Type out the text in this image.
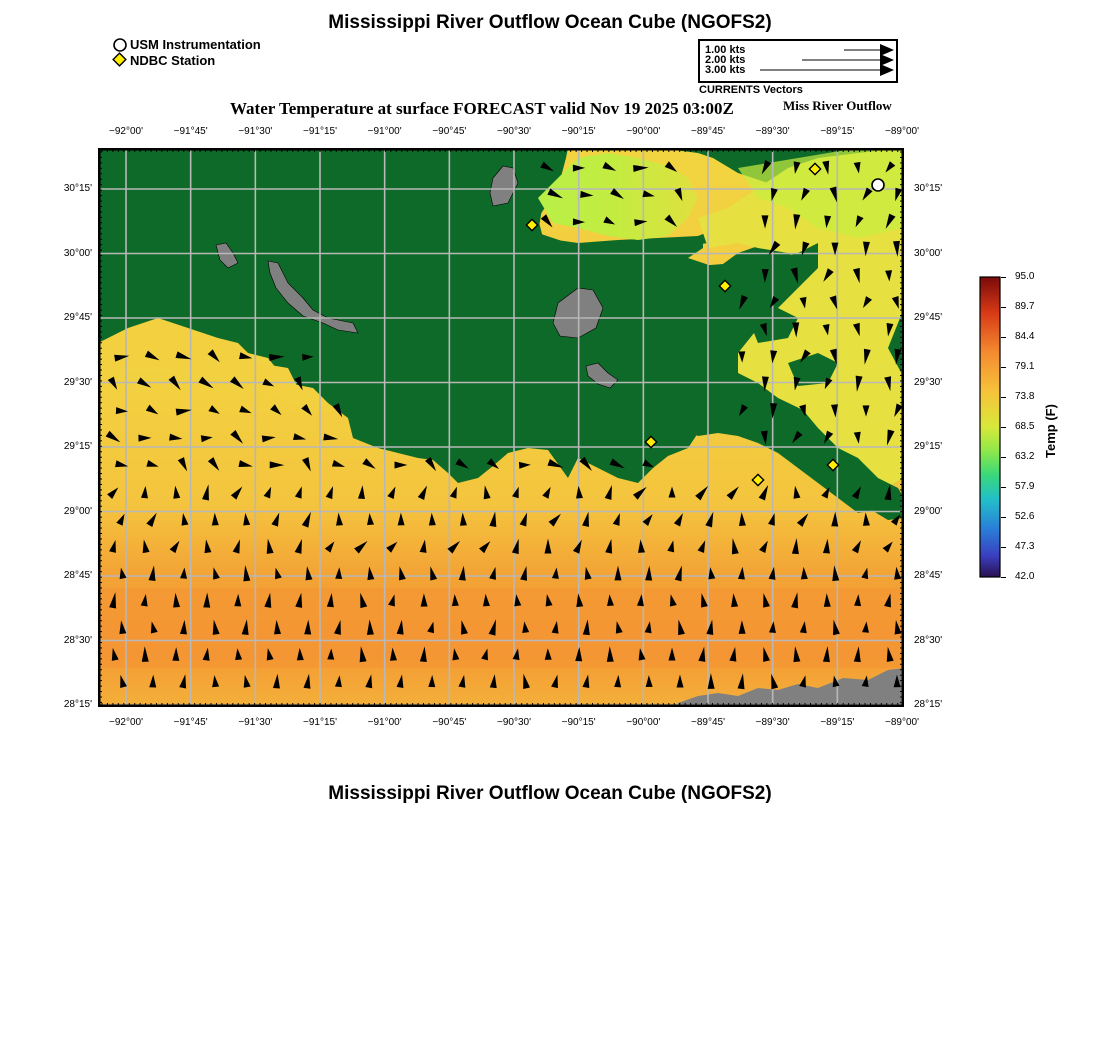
Mississippi River Outflow Ocean Cube (NGOFS2)
USM Instrumentation
NDBC Station
1.00 kts
2.00 kts
3.00 kts
CURRENTS Vectors
Water Temperature at surface FORECAST valid Nov 19 2025 03:00Z	Miss River Outflow
−92°00'	−91°45'	−91°30'	−91°15'	−91°00'	−90°45'	−90°30'	−90°15'	−90°00'	−89°45'	−89°30'	−89°15'	−89°00'
−92°00'	−91°45'	−91°30'	−91°15'	−91°00'	−90°45'	−90°30'	−90°15'	−90°00'	−89°45'	−89°30'	−89°15'	−89°00'
30°15'
30°00'
29°45'
29°30'
29°15'
29°00'
28°45'
28°30'
28°15'
30°15'
30°00'
29°45'
29°30'
29°15'
29°00'
28°45'
28°30'
28°15'
95.0
89.7
84.4
79.1
73.8
68.5
63.2
57.9
52.6
47.3
42.0
Temp (F)
Mississippi River Outflow Ocean Cube (NGOFS2)
